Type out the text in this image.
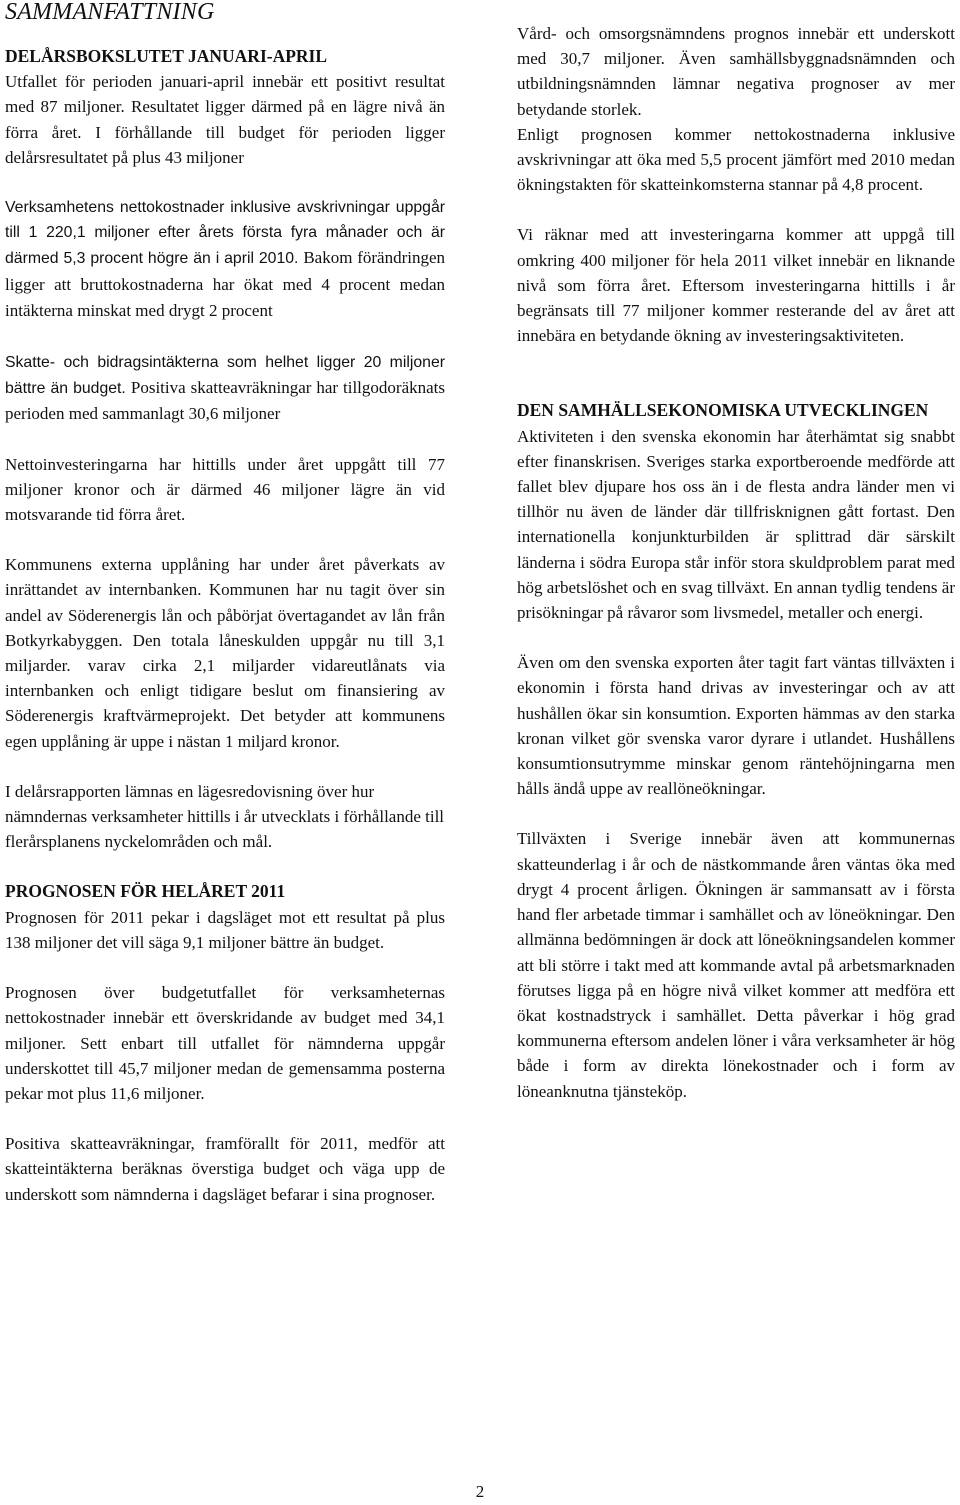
SAMMANFATTNING
DELÅRSBOKSLUTET JANUARI-APRIL

Utfallet för perioden januari-april innebär ett positivt resultat med 87 miljoner. Resultatet ligger därmed på en lägre nivå än förra året. I förhållande till budget för perioden ligger delårsresultatet på plus 43 miljoner

Verksamhetens nettokostnader inklusive avskrivningar uppgår till 1 220,1 miljoner efter årets första fyra månader och är därmed 5,3 procent högre än i april 2010. Bakom förändringen ligger att bruttokostnaderna har ökat med 4 procent medan intäkterna minskat med drygt 2 procent

Skatte- och bidragsintäkterna som helhet ligger 20 miljoner bättre än budget. Positiva skatteavräkningar har tillgodoräknats perioden med sammanlagt 30,6 miljoner

Nettoinvesteringarna har hittills under året uppgått till 77 miljoner kronor och är därmed 46 miljoner lägre än vid motsvarande tid förra året.

Kommunens externa upplåning har under året påverkats av inrättandet av internbanken. Kommunen har nu tagit över sin andel av Söderenergis lån och påbörjat övertagandet av lån från Botkyrkabyggen. Den totala låneskulden uppgår nu till 3,1 miljarder. varav cirka 2,1 miljarder vidareutlånats via internbanken och enligt tidigare beslut om finansiering av Söderenergis kraftvärmeprojekt. Det betyder att kommunens egen upplåning är uppe i nästan 1 miljard kronor.

I delårsrapporten lämnas en lägesredovisning över hur nämndernas verksamheter hittills i år utvecklats i förhållande till flerårsplanens nyckelområden och mål.

PROGNOSEN FÖR HELÅRET 2011

Prognosen för 2011 pekar i dagsläget mot ett resultat på plus 138 miljoner det vill säga 9,1 miljoner bättre än budget.

Prognosen över budgetutfallet för verksamheternas nettokostnader innebär ett överskridande av budget med 34,1 miljoner. Sett enbart till utfallet för nämnderna uppgår underskottet till 45,7 miljoner medan de gemensamma posterna pekar mot plus 11,6 miljoner.

Positiva skatteavräkningar, framförallt för 2011, medför att skatteintäkterna beräknas överstiga budget och väga upp de underskott som nämnderna i dagsläget befarar i sina prognoser.

Vård- och omsorgsnämndens prognos innebär ett underskott med 30,7 miljoner. Även samhällsbyggnadsnämnden och utbildningsnämnden lämnar negativa prognoser av mer betydande storlek.

Enligt prognosen kommer nettokostnaderna inklusive avskrivningar att öka med 5,5 procent jämfört med 2010 medan ökningstakten för skatteinkomsterna stannar på 4,8 procent.

Vi räknar med att investeringarna kommer att uppgå till omkring 400 miljoner för hela 2011 vilket innebär en liknande nivå som förra året. Eftersom investeringarna hittills i år begränsats till 77 miljoner kommer resterande del av året att innebära en betydande ökning av investeringsaktiviteten.

DEN SAMHÄLLSEKONOMISKA UTVECKLINGEN

Aktiviteten i den svenska ekonomin har återhämtat sig snabbt efter finanskrisen. Sveriges starka exportberoende medförde att fallet blev djupare hos oss än i de flesta andra länder men vi tillhör nu även de länder där tillfrisknignen gått fortast. Den internationella konjunkturbilden är splittrad där särskilt länderna i södra Europa står inför stora skuldproblem parat med hög arbetslöshet och en svag tillväxt. En annan tydlig tendens är prisökningar på råvaror som livsmedel, metaller och energi.

Även om den svenska exporten åter tagit fart väntas tillväxten i ekonomin i första hand drivas av investeringar och av att hushållen ökar sin konsumtion. Exporten hämmas av den starka kronan vilket gör svenska varor dyrare i utlandet. Hushållens konsumtionsutrymme minskar genom räntehöjningarna men hålls ändå uppe av reallöneökningar.

Tillväxten i Sverige innebär även att kommunernas skatteunderlag i år och de nästkommande åren väntas öka med drygt 4 procent årligen. Ökningen är sammansatt av i första hand fler arbetade timmar i samhället och av löneökningar. Den allmänna bedömningen är dock att löneökningsandelen kommer att bli större i takt med att kommande avtal på arbetsmarknaden förutses ligga på en högre nivå vilket kommer att medföra ett ökat kostnadstryck i samhället. Detta påverkar i hög grad kommunerna eftersom andelen löner i våra verksamheter är hög både i form av direkta lönekostnader och i form av löneanknutna tjänsteköp.

2
